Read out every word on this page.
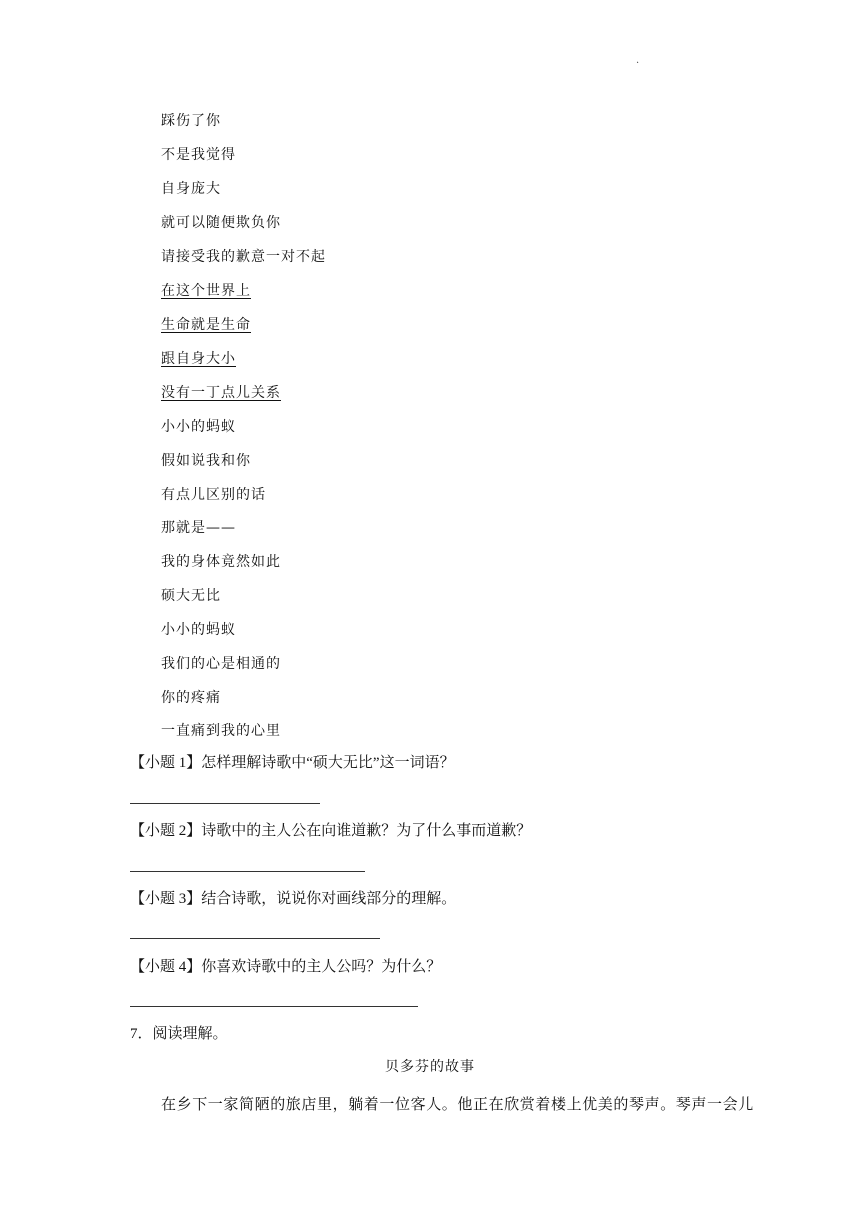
·
踩伤了你
不是我觉得
自身庞大
就可以随便欺负你
请接受我的歉意一对不起
在这个世界上
生命就是生命
跟自身大小
没有一丁点儿关系
小小的蚂蚁
假如说我和你
有点儿区别的话
那就是——
我的身体竟然如此
硕大无比
小小的蚂蚁
我们的心是相通的
你的疼痛
一直痛到我的心里
【小题 1】怎样理解诗歌中“硕大无比”这一词语？
【小题 2】诗歌中的主人公在向谁道歉？为了什么事而道歉？
【小题 3】结合诗歌，说说你对画线部分的理解。
【小题 4】你喜欢诗歌中的主人公吗？为什么？
7．阅读理解。
贝多芬的故事
在乡下一家简陋的旅店里，躺着一位客人。他正在欣赏着楼上优美的琴声。琴声一会儿
